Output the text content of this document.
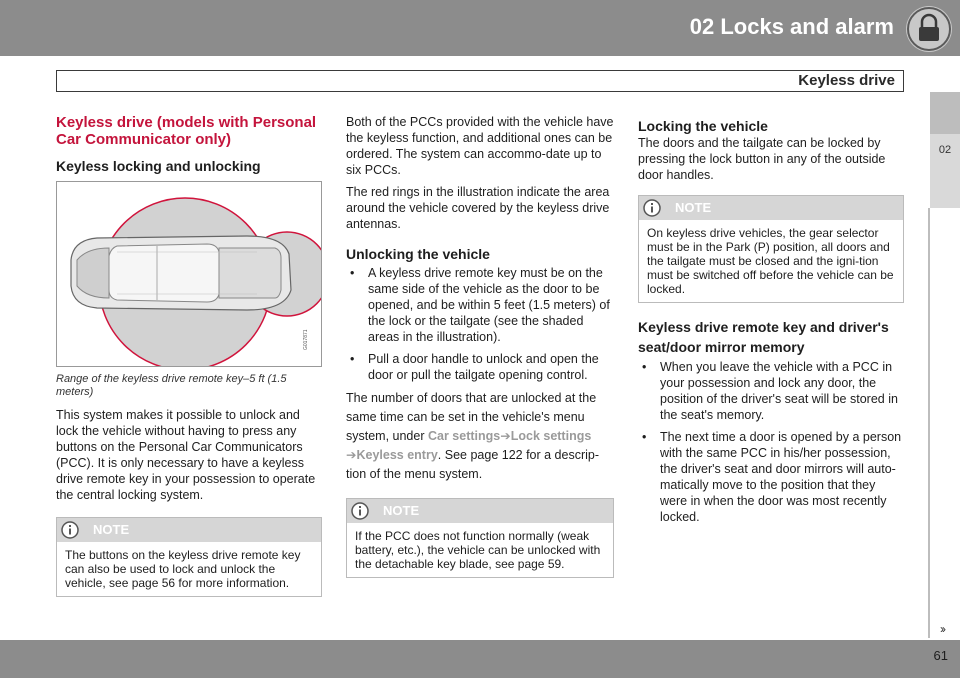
02 Locks and alarm
Keyless drive
02
Keyless drive (models with Personal Car Communicator only)
Keyless locking and unlocking
G017871

Range of the keyless drive remote key–5 ft (1.5 meters)

This system makes it possible to unlock and lock the vehicle without having to press any buttons on the Personal Car Communicators (PCC). It is only necessary to have a keyless drive remote key in your possession to operate the central locking system.

NOTE
The buttons on the keyless drive remote key can also be used to lock and unlock the vehicle, see page 56 for more information.

Both of the PCCs provided with the vehicle have the keyless function, and additional ones can be ordered. The system can accommo-date up to six PCCs.

The red rings in the illustration indicate the area around the vehicle covered by the keyless drive antennas.

Unlocking the vehicle
• A keyless drive remote key must be on the same side of the vehicle as the door to be opened, and be within 5 feet (1.5 meters) of the lock or the tailgate (see the shaded areas in the illustration).
• Pull a door handle to unlock and open the door or pull the tailgate opening control.

The number of doors that are unlocked at the same time can be set in the vehicle's menu system, under Car settings➔Lock settings
➔Keyless entry. See page 122 for a descrip-tion of the menu system.

NOTE
If the PCC does not function normally (weak battery, etc.), the vehicle can be unlocked with the detachable key blade, see page 59.
Locking the vehicle

The doors and the tailgate can be locked by pressing the lock button in any of the outside door handles.

NOTE
On keyless drive vehicles, the gear selector must be in the Park (P) position, all doors and the tailgate must be closed and the igni-tion must be switched off before the vehicle can be locked.
Keyless drive remote key and driver's seat/door mirror memory
• When you leave the vehicle with a PCC in your possession and lock any door, the position of the driver's seat will be stored in the seat's memory.
• The next time a door is opened by a person with the same PCC in his/her possession, the driver's seat and door mirrors will auto-matically move to the position that they were in when the door was most recently locked.
››
61
